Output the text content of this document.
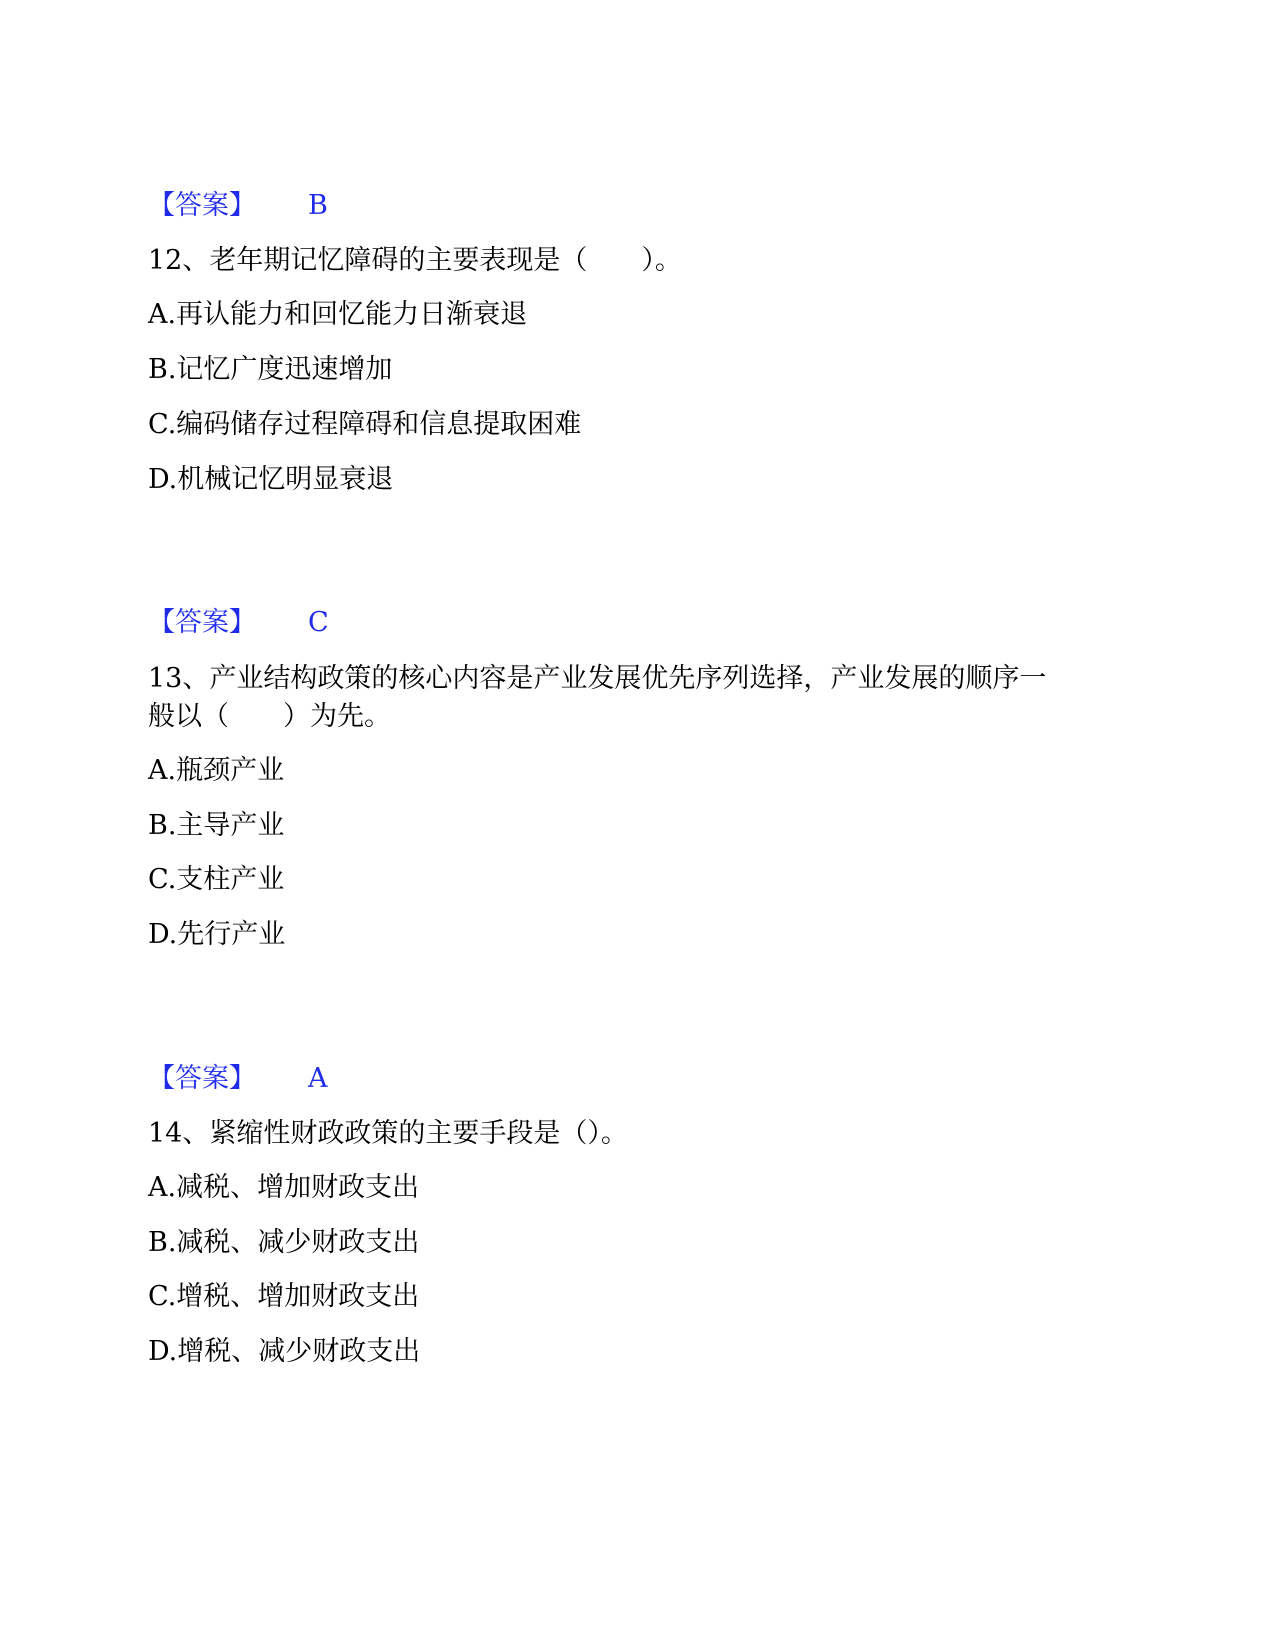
【答案】 B
12、老年期记忆障碍的主要表现是（　　）。
A.再认能力和回忆能力日渐衰退
B.记忆广度迅速增加
C.编码储存过程障碍和信息提取困难
D.机械记忆明显衰退
【答案】 C
13、产业结构政策的核心内容是产业发展优先序列选择，产业发展的顺序一
般以（　　）为先。
A.瓶颈产业
B.主导产业
C.支柱产业
D.先行产业
【答案】 A
14、紧缩性财政政策的主要手段是（）。
A.减税、增加财政支出
B.减税、减少财政支出
C.增税、增加财政支出
D.增税、减少财政支出
